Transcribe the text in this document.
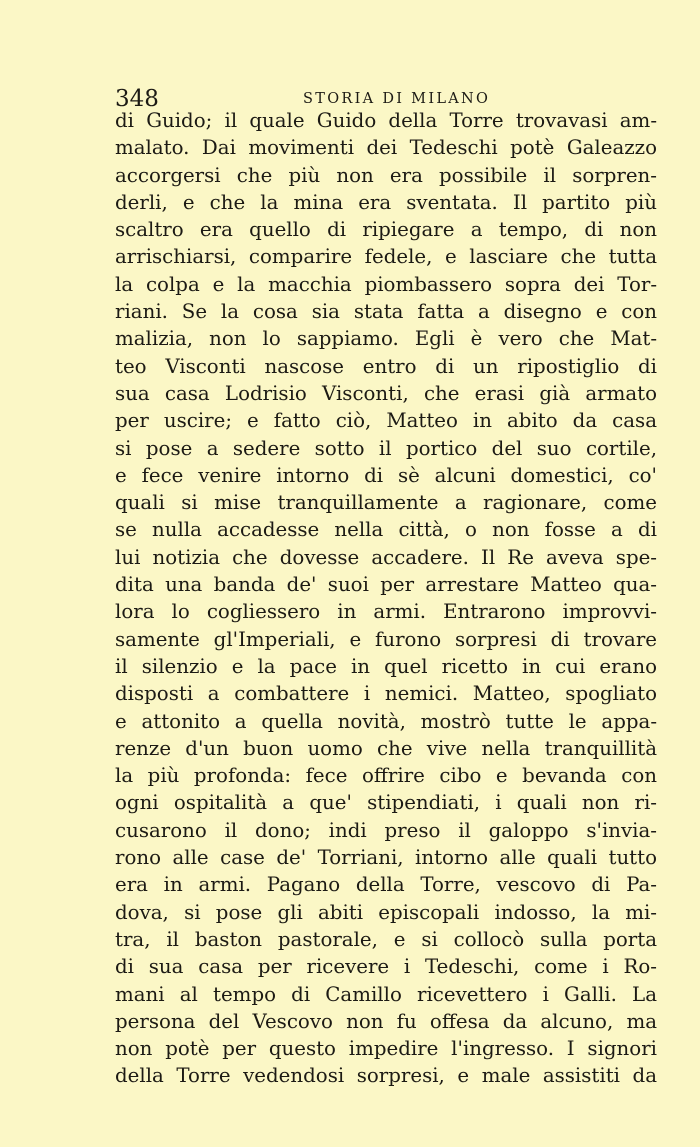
348	STORIA DI MILANO
di Guido; il quale Guido della Torre trovavasi am-
malato. Dai movimenti dei Tedeschi potè Galeazzo
accorgersi che più non era possibile il sorpren-
derli, e che la mina era sventata. Il partito più
scaltro era quello di ripiegare a tempo, di non
arrischiarsi, comparire fedele, e lasciare che tutta
la colpa e la macchia piombassero sopra dei Tor-
riani. Se la cosa sia stata fatta a disegno e con
malizia, non lo sappiamo. Egli è vero che Mat-
teo Visconti nascose entro di un ripostiglio di
sua casa Lodrisio Visconti, che erasi già armato
per uscire; e fatto ciò, Matteo in abito da casa
si pose a sedere sotto il portico del suo cortile,
e fece venire intorno di sè alcuni domestici, co'
quali si mise tranquillamente a ragionare, come
se nulla accadesse nella città, o non fosse a di
lui notizia che dovesse accadere. Il Re aveva spe-
dita una banda de' suoi per arrestare Matteo qua-
lora lo cogliessero in armi. Entrarono improvvi-
samente gl'Imperiali, e furono sorpresi di trovare
il silenzio e la pace in quel ricetto in cui erano
disposti a combattere i nemici. Matteo, spogliato
e attonito a quella novità, mostrò tutte le appa-
renze d'un buon uomo che vive nella tranquillità
la più profonda: fece offrire cibo e bevanda con
ogni ospitalità a que' stipendiati, i quali non ri-
cusarono il dono; indi preso il galoppo s'invia-
rono alle case de' Torriani, intorno alle quali tutto
era in armi. Pagano della Torre, vescovo di Pa-
dova, si pose gli abiti episcopali indosso, la mi-
tra, il baston pastorale, e si collocò sulla porta
di sua casa per ricevere i Tedeschi, come i Ro-
mani al tempo di Camillo ricevettero i Galli. La
persona del Vescovo non fu offesa da alcuno, ma
non potè per questo impedire l'ingresso. I signori
della Torre vedendosi sorpresi, e male assistiti da
